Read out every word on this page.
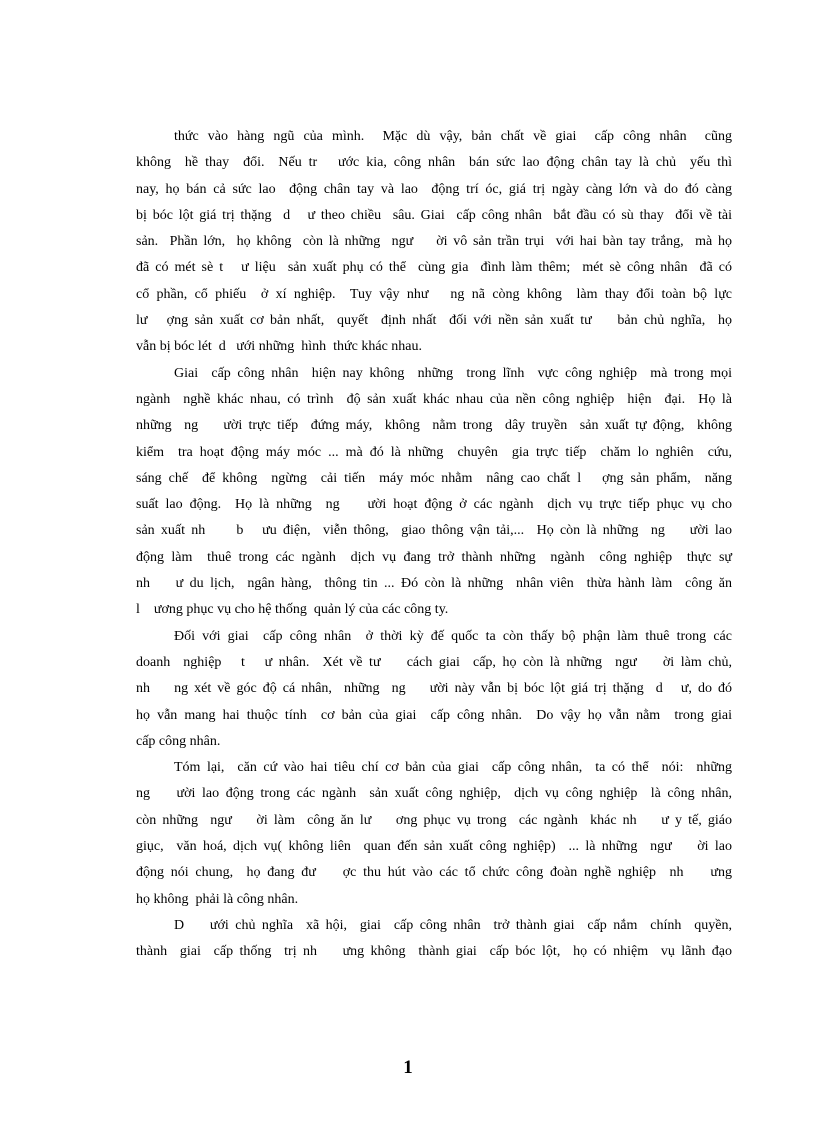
thức vào hàng ngũ của mình.  Mặc dù vậy, bản chất về giai  cấp công nhân  cũng
không  hề thay  đổi.  Nếu tr   ước kia, công nhân  bán sức lao động chân tay là chủ  yếu thì
nay, họ bán cả sức lao  động chân tay và lao  động trí óc, giá trị ngày càng lớn và do đó càng
bị bóc lột giá trị thặng  d   ư theo chiều  sâu. Giai  cấp công nhân  bắt đầu có sù thay  đổi về tài
sản.  Phần lớn,  họ không  còn là những  ngư    ời vô sản trần trụi  với hai bàn tay trắng,  mà họ
đã có mét sè t   ư liệu  sản xuất phụ có thể  cùng gia  đình làm thêm;  mét sè công nhân  đã có
cổ phần, cổ phiếu  ở xí nghiệp.  Tuy vậy như   ng nã còng không  làm thay đổi toàn bộ lực
lư   ợng sản xuất cơ bản nhất,  quyết  định nhất  đối với nền sản xuất tư    bản chủ nghĩa,  họ
vẫn bị bóc lét  d   ưới những  hình  thức khác nhau.
Giai  cấp công nhân  hiện nay không  những  trong lĩnh  vực công nghiệp  mà trong mọi
ngành  nghề khác nhau, có trình  độ sản xuất khác nhau của nền công nghiệp  hiện  đại.  Họ là
những  ng    ười trực tiếp  đứng máy,  không  nằm trong  dây truyền  sản xuất tự động,  không
kiểm  tra hoạt động máy móc ... mà đó là những  chuyên  gia trực tiếp  chăm lo nghiên  cứu,
sáng chế  để không  ngừng  cải tiến  máy móc nhằm  nâng cao chất l   ợng sản phẩm,  năng
suất lao động.  Họ là những  ng    ười hoạt động ở các ngành  dịch vụ trực tiếp phục vụ cho
sản xuất nh     b   ưu điện,  viễn thông,  giao thông vận tải,...  Họ còn là những  ng    ười lao
động làm  thuê trong các ngành  dịch vụ đang trở thành những  ngành  công nghiệp  thực sự
nh    ư du lịch,  ngân hàng,  thông tin ... Đó còn là những  nhân viên  thừa hành làm  công ăn
l    ương phục vụ cho hệ thống  quản lý của các công ty.
Đối với giai  cấp công nhân  ở thời kỳ đế quốc ta còn thấy bộ phận làm thuê trong các
doanh  nghiệp   t   ư nhân.  Xét về tư    cách giai  cấp, họ còn là những  ngư    ời làm chủ,
nh    ng xét về góc độ cá nhân,  những  ng    ười này vẫn bị bóc lột giá trị thặng  d   ư, do đó
họ vẫn mang hai thuộc tính  cơ bản của giai  cấp công nhân.  Do vậy họ vẫn nằm  trong giai
cấp công nhân.
Tóm lại,  căn cứ vào hai tiêu chí cơ bản của giai  cấp công nhân,  ta có thể  nói:  những
ng    ười lao động trong các ngành  sản xuất công nghiệp,  dịch vụ công nghiệp  là công nhân,
còn những  ngư    ời làm  công ăn lư    ơng phục vụ trong  các ngành  khác nh    ư y tế, giáo
giục,  văn hoá, dịch vụ( không liên  quan đến sản xuất công nghiệp)  ... là những  ngư    ời lao
động nói chung,  họ đang đư    ợc thu hút vào các tổ chức công đoàn nghề nghiệp  nh    ưng
họ không  phải là công nhân.
D    ưới chủ nghĩa  xã hội,  giai  cấp công nhân  trở thành giai  cấp nắm  chính  quyền,
thành  giai  cấp thống  trị nh    ưng không  thành giai  cấp bóc lột,  họ có nhiệm  vụ lãnh đạo
1
